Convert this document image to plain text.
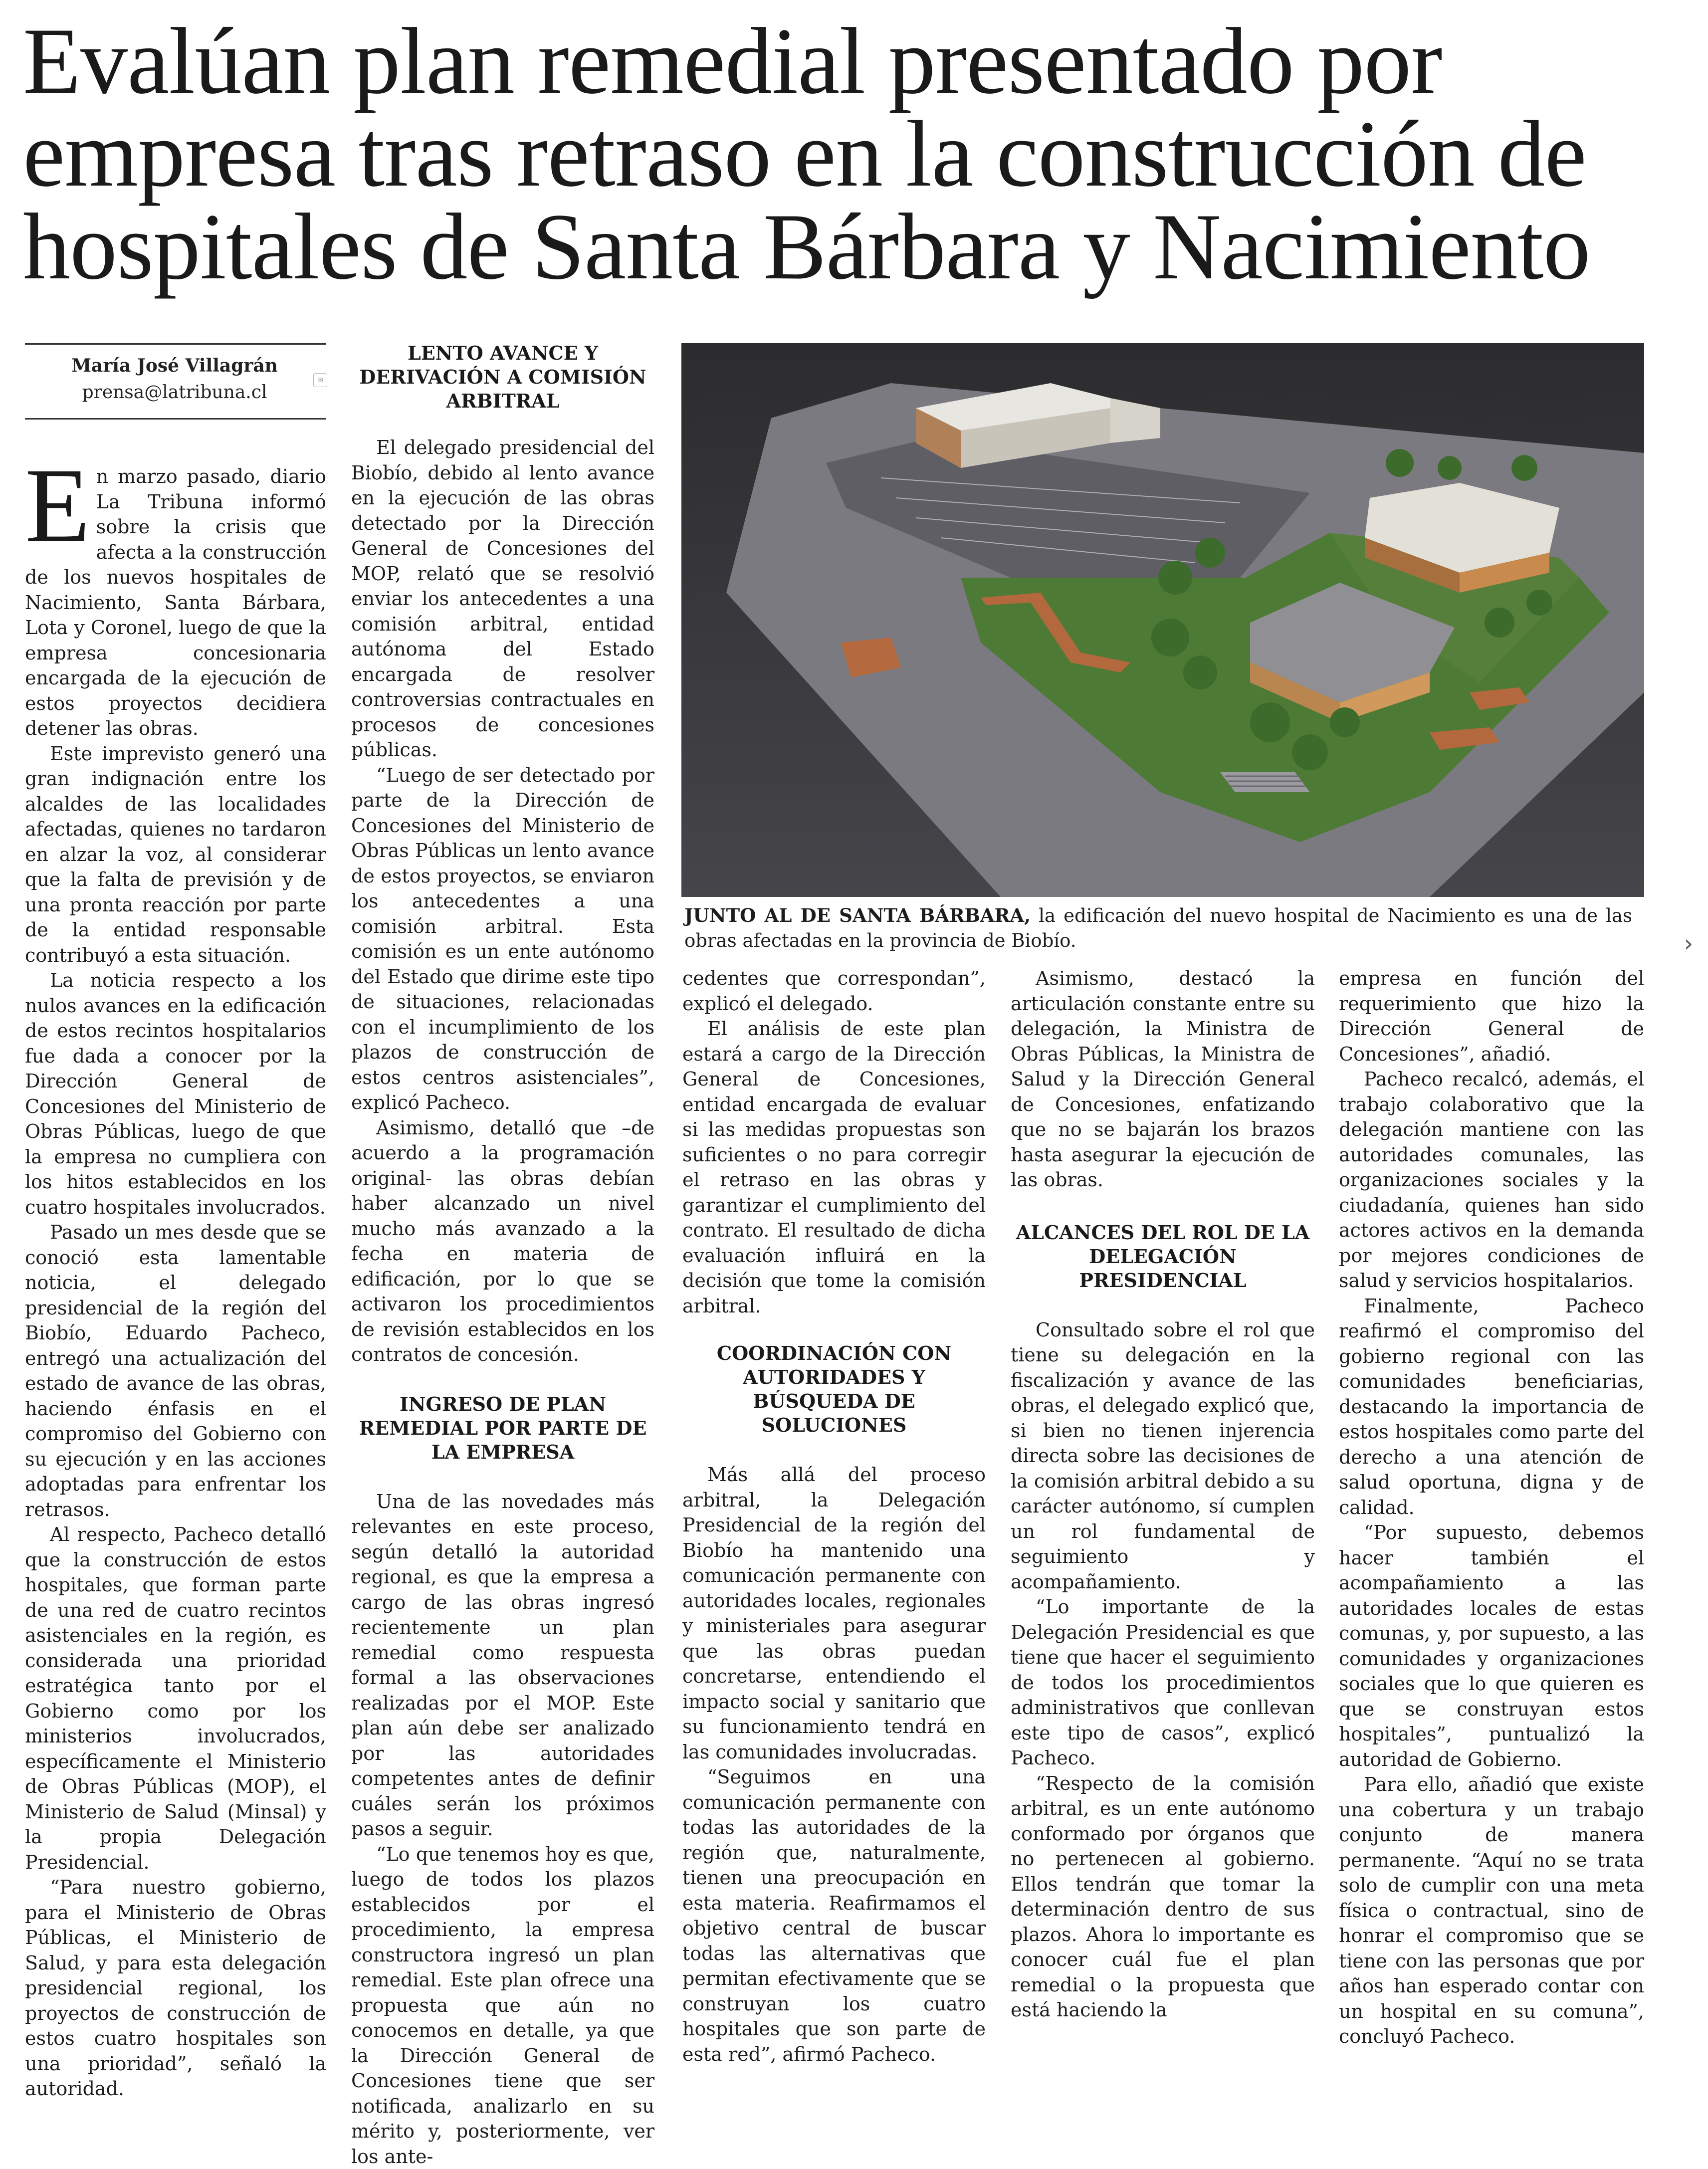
Evalúan plan remedial presentado por
empresa tras retraso en la construcción de
hospitales de Santa Bárbara y Nacimiento
María José Villagrán
prensa@latribuna.cl
✉

En marzo pasado, diario La Tribuna informó sobre la crisis que afecta a la construcción de los nuevos hospitales de Nacimiento, Santa Bárbara, Lota y Coronel, luego de que la empresa concesionaria encargada de la ejecución de estos proyectos decidiera detener las obras.

Este imprevisto generó una gran indignación entre los alcaldes de las localidades afectadas, quienes no tardaron en alzar la voz, al considerar que la falta de previsión y de una pronta reacción por parte de la entidad responsable contribuyó a esta situación.

La noticia respecto a los nulos avances en la edificación de estos recintos hospitalarios fue dada a conocer por la Dirección General de Concesiones del Ministerio de Obras Públicas, luego de que la empresa no cumpliera con los hitos establecidos en los cuatro hospitales involucrados.

Pasado un mes desde que se conoció esta lamentable noticia, el delegado presidencial de la región del Biobío, Eduardo Pacheco, entregó una actualización del estado de avance de las obras, haciendo énfasis en el compromiso del Gobierno con su ejecución y en las acciones adoptadas para enfrentar los retrasos.

Al respecto, Pacheco detalló que la construcción de estos hospitales, que forman parte de una red de cuatro recintos asistenciales en la región, es considerada una prioridad estratégica tanto por el Gobierno como por los ministerios involucrados, específicamente el Ministerio de Obras Públicas (MOP), el Ministerio de Salud (Minsal) y la propia Delegación Presidencial.

“Para nuestro gobierno, para el Ministerio de Obras Públicas, el Ministerio de Salud, y para esta delegación presidencial regional, los proyectos de construcción de estos cuatro hospitales son una prioridad”, señaló la autoridad.

LENTO AVANCE Y DERIVACIÓN A COMISIÓN ARBITRAL

El delegado presidencial del Biobío, debido al lento avance en la ejecución de las obras detectado por la Dirección General de Concesiones del MOP, relató que se resolvió enviar los antecedentes a una comisión arbitral, entidad autónoma del Estado encargada de resolver controversias contractuales en procesos de concesiones públicas.

“Luego de ser detectado por parte de la Dirección de Concesiones del Ministerio de Obras Públicas un lento avance de estos proyectos, se enviaron los antecedentes a una comisión arbitral. Esta comisión es un ente autónomo del Estado que dirime este tipo de situaciones, relacionadas con el incumplimiento de los plazos de construcción de estos centros asistenciales”, explicó Pacheco.

Asimismo, detalló que –de acuerdo a la programación original- las obras debían haber alcanzado un nivel mucho más avanzado a la fecha en materia de edificación, por lo que se activaron los procedimientos de revisión establecidos en los contratos de concesión.

INGRESO DE PLAN REMEDIAL POR PARTE DE LA EMPRESA

Una de las novedades más relevantes en este proceso, según detalló la autoridad regional, es que la empresa a cargo de las obras ingresó recientemente un plan remedial como respuesta formal a las observaciones realizadas por el MOP. Este plan aún debe ser analizado por las autoridades competentes antes de definir cuáles serán los próximos pasos a seguir.

“Lo que tenemos hoy es que, luego de todos los plazos establecidos por el procedimiento, la empresa constructora ingresó un plan remedial. Este plan ofrece una propuesta que aún no conocemos en detalle, ya que la Dirección General de Concesiones tiene que ser notificada, analizarlo en su mérito y, posteriormente, ver los ante-

JUNTO AL DE SANTA BÁRBARA, la edificación del nuevo hospital de Nacimiento es una de las obras afectadas en la provincia de Biobío.	›

cedentes que correspondan”, explicó el delegado.

El análisis de este plan estará a cargo de la Dirección General de Concesiones, entidad encargada de evaluar si las medidas propuestas son suficientes o no para corregir el retraso en las obras y garantizar el cumplimiento del contrato. El resultado de dicha evaluación influirá en la decisión que tome la comisión arbitral.

COORDINACIÓN CON AUTORIDADES Y BÚSQUEDA DE SOLUCIONES

Más allá del proceso arbitral, la Delegación Presidencial de la región del Biobío ha mantenido una comunicación permanente con autoridades locales, regionales y ministeriales para asegurar que las obras puedan concretarse, entendiendo el impacto social y sanitario que su funcionamiento tendrá en las comunidades involucradas.

“Seguimos en una comunicación permanente con todas las autoridades de la región que, naturalmente, tienen una preocupación en esta materia. Reafirmamos el objetivo central de buscar todas las alternativas que permitan efectivamente que se construyan los cuatro hospitales que son parte de esta red”, afirmó Pacheco.

Asimismo, destacó la articulación constante entre su delegación, la Ministra de Obras Públicas, la Ministra de Salud y la Dirección General de Concesiones, enfatizando que no se bajarán los brazos hasta asegurar la ejecución de las obras.

ALCANCES DEL ROL DE LA DELEGACIÓN PRESIDENCIAL

Consultado sobre el rol que tiene su delegación en la fiscalización y avance de las obras, el delegado explicó que, si bien no tienen injerencia directa sobre las decisiones de la comisión arbitral debido a su carácter autónomo, sí cumplen un rol fundamental de seguimiento y acompañamiento.

“Lo importante de la Delegación Presidencial es que tiene que hacer el seguimiento de todos los procedimientos administrativos que conllevan este tipo de casos”, explicó Pacheco.

“Respecto de la comisión arbitral, es un ente autónomo conformado por órganos que no pertenecen al gobierno. Ellos tendrán que tomar la determinación dentro de sus plazos. Ahora lo importante es conocer cuál fue el plan remedial o la propuesta que está haciendo la

empresa en función del requerimiento que hizo la Dirección General de Concesiones”, añadió.

Pacheco recalcó, además, el trabajo colaborativo que la delegación mantiene con las autoridades comunales, las organizaciones sociales y la ciudadanía, quienes han sido actores activos en la demanda por mejores condiciones de salud y servicios hospitalarios.

Finalmente, Pacheco reafirmó el compromiso del gobierno regional con las comunidades beneficiarias, destacando la importancia de estos hospitales como parte del derecho a una atención de salud oportuna, digna y de calidad.

“Por supuesto, debemos hacer también el acompañamiento a las autoridades locales de estas comunas, y, por supuesto, a las comunidades y organizaciones sociales que lo que quieren es que se construyan estos hospitales”, puntualizó la autoridad de Gobierno.

Para ello, añadió que existe una cobertura y un trabajo conjunto de manera permanente. “Aquí no se trata solo de cumplir con una meta física o contractual, sino de honrar el compromiso que se tiene con las personas que por años han esperado contar con un hospital en su comuna”, concluyó Pacheco.
